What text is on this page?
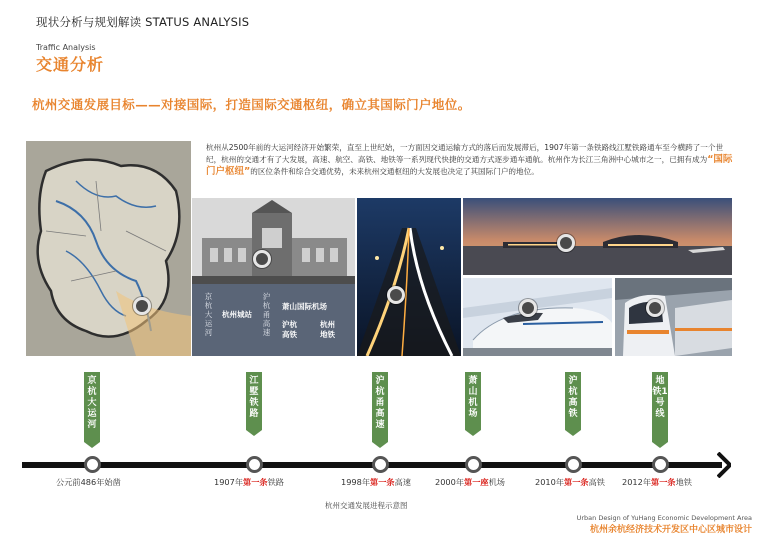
现状分析与规划解读 STATUS ANALYSIS
Traffic Analysis
交通分析
杭州交通发展目标——对接国际，打造国际交通枢纽，确立其国际门户地位。
杭州从2500年前的大运河经济开始繁荣，直至上世纪始，一方面因交通运输方式的落后而发展滞后，1907年第一条铁路线江墅铁路通车至今横跨了一个世纪，杭州的交通才有了大发展，高速、航空、高铁、地铁等一系列现代快捷的交通方式逐步通车通航。杭州作为长江三角洲中心城市之一，已拥有成为“国际门户枢纽”的区位条件和综合交通优势，未来杭州交通枢纽的大发展也决定了其国际门户的地位。
京杭大运河
杭州城站
沪杭甬高速
萧山国际机场
沪杭高铁
杭州地铁
京杭大运河
江墅铁路
沪杭甬高速
萧山机场
沪杭高铁
地铁1号线
公元前486年始凿	1907年第一条铁路	1998年第一条高速	2000年第一座机场	2010年第一条高铁 2012年第一条地铁
杭州交通发展进程示意图
Urban Design of YuHang Economic Development Area
杭州余杭经济技术开发区中心区城市设计
